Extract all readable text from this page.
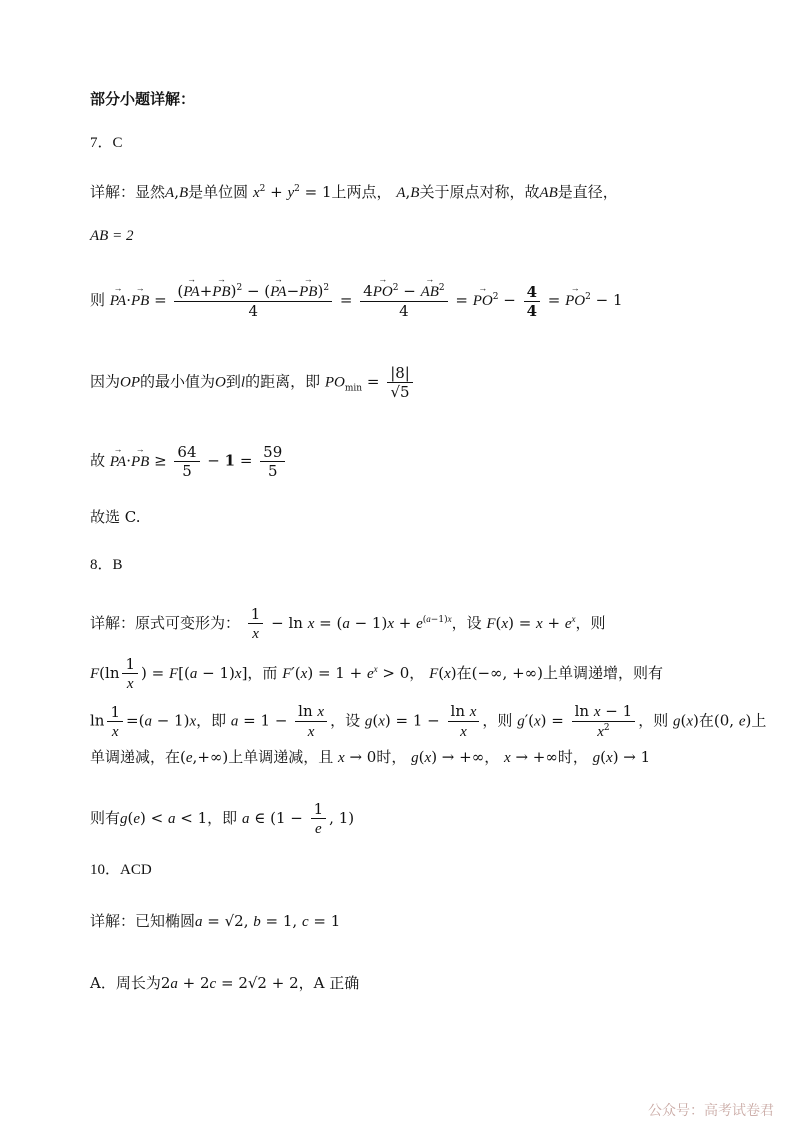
部分小题详解：
7．C
详解：显然A,B是单位圆 $x^2 + y^2 = 1$上两点， A,B关于原点对称，故AB是直径，
AB = 2
则 → PA·→ PB = $\frac{(\to PA+\to PB)^2 - (\to PA-\to PB)^2}{4} = \frac{4\to PO^2 - \to AB^2}{4}$ = → $PO^2 - \frac{4}{4}$ = → $PO^2 - 1$
因为OP的最小值为O到l的距离，即 $PO_{min} = \frac{|8|}{√5}$
故 → PA·→ PB ≥ $\frac{64}{5} - 1 = \frac{59}{5}$
故选 C.
8．B
详解：原式可变形为： $\frac{1}{x} - \ln x = (a - 1)x + e^{(a-1)x}$，设 $F(x) = x + e^x$，则
$F(\ln \frac{1}{x}$ ) = F[(a − 1)x]，而 $F'(x) = 1 + e^x > 0$， F(x)在(−∞, +∞)上单调递增，则有
$\ln \frac{1}{x} =(a - 1)x$，即 $a = 1 - \frac{\text{ln x}}{x}$ ，设 $g(x) = 1 - \frac{\text{ln x}}{x}$ ，则 $g'(x) = \frac{\text{ln x − 1}}{x^2}$ ，则 g(x)在(0, e)上
单调递减，在(e,+∞)上单调递减，且 x → 0时， g(x) → +∞， x → +∞时， g(x) → 1
则有g(e) < a < 1，即 a ∈ ($1 - \frac{1}{e}$ , 1)
10．ACD
详解：已知椭圆a = √2, b = 1, c = 1
A．周长为2a + 2c = 2√2 + 2，A 正确
公众号：高考试卷君
